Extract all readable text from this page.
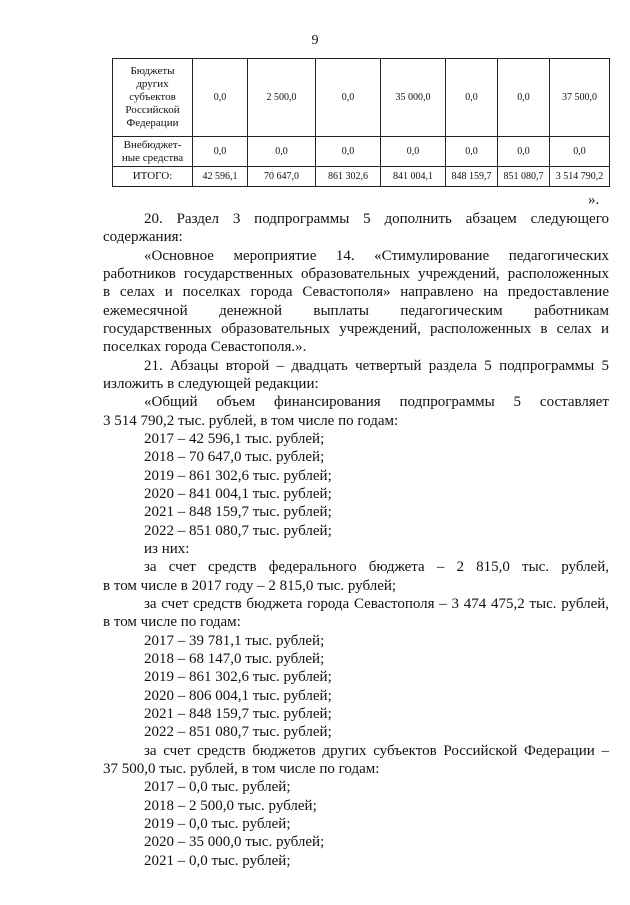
9
Бюджеты
других
субъектов
Российской
Федерации	0,0	2 500,0	0,0	35 000,0	0,0	0,0	37 500,0
Внебюджет-
ные средства	0,0	0,0	0,0	0,0	0,0	0,0	0,0
ИТОГО:	42 596,1	70 647,0	861 302,6	841 004,1	848 159,7	851 080,7	3 514 790,2
».
20. Раздел 3 подпрограммы 5 дополнить абзацем следующего
содержания:
«Основное мероприятие 14. «Стимулирование педагогических
работников государственных образовательных учреждений, расположенных
в селах и поселках города Севастополя» направлено на предоставление
ежемесячной денежной выплаты педагогическим работникам
государственных образовательных учреждений, расположенных в селах и
поселках города Севастополя.».
21. Абзацы второй – двадцать четвертый раздела 5 подпрограммы 5
изложить в следующей редакции:
«Общий объем финансирования подпрограммы 5 составляет
3 514 790,2 тыс. рублей, в том числе по годам:
2017 – 42 596,1 тыс. рублей;
2018 – 70 647,0 тыс. рублей;
2019 – 861 302,6 тыс. рублей;
2020 – 841 004,1 тыс. рублей;
2021 – 848 159,7 тыс. рублей;
2022 – 851 080,7 тыс. рублей;
из них:
за счет средств федерального бюджета – 2 815,0 тыс. рублей,
в том числе в 2017 году – 2 815,0 тыс. рублей;
за счет средств бюджета города Севастополя – 3 474 475,2 тыс. рублей,
в том числе по годам:
2017 – 39 781,1 тыс. рублей;
2018 – 68 147,0 тыс. рублей;
2019 – 861 302,6 тыс. рублей;
2020 – 806 004,1 тыс. рублей;
2021 – 848 159,7 тыс. рублей;
2022 – 851 080,7 тыс. рублей;
за счет средств бюджетов других субъектов Российской Федерации –
37 500,0 тыс. рублей, в том числе по годам:
2017 – 0,0 тыс. рублей;
2018 – 2 500,0 тыс. рублей;
2019 – 0,0 тыс. рублей;
2020 – 35 000,0 тыс. рублей;
2021 – 0,0 тыс. рублей;
